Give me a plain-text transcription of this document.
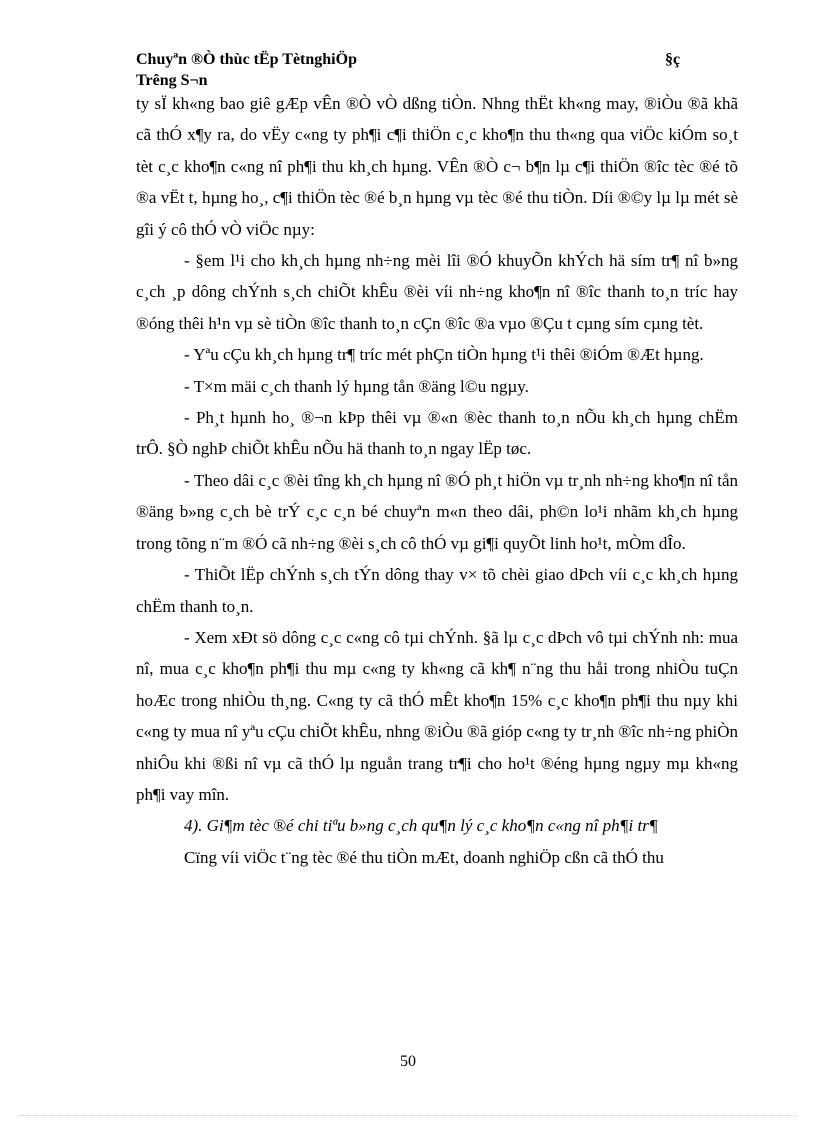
Chuyªn ®Ò thùc tËp TètnghiÖp	§ç
Trêng S¬n

ty sÏ kh«ng bao giê gÆp vÊn ®Ò vÒ dßng tiÒn. Nhng thËt kh«ng may, ®iÒu ®ã khã cã thÓ x¶y ra, do vËy c«ng ty ph¶i c¶i thiÖn c¸c kho¶n thu th«ng qua viÖc kiÓm so¸t tèt c¸c kho¶n c«ng nî ph¶i thu kh¸ch hµng. VÊn ®Ò c¬ b¶n lµ c¶i thiÖn ®îc tèc ®é tõ ®a vËt t, hµng ho¸, c¶i thiÖn tèc ®é b¸n hµng vµ tèc ®é thu tiÒn. Díi ®©y lµ lµ mét sè gîi ý cô thÓ vÒ viÖc nµy:

- §em l¹i cho kh¸ch hµng nh÷ng mèi lîi ®Ó khuyÕn khÝch hä sím tr¶ nî b»ng c¸ch ¸p dông chÝnh s¸ch chiÕt khÊu ®èi víi nh÷ng kho¶n nî ®îc thanh to¸n tríc hay ®óng thêi h¹n vµ sè tiÒn ®îc thanh to¸n cÇn ®îc ®a vµo ®Çu t cµng sím cµng tèt.

- Yªu cÇu kh¸ch hµng tr¶ tríc mét phÇn tiÒn hµng t¹i thêi ®iÓm ®Æt hµng.

- T×m mäi c¸ch thanh lý hµng tån ®äng l©u ngµy.

- Ph¸t hµnh ho¸ ®¬n kÞp thêi vµ ®«n ®èc thanh to¸n nÕu kh¸ch hµng chËm trÔ. §Ò nghÞ chiÕt khÊu nÕu hä thanh to¸n ngay lËp tøc.

- Theo dâi c¸c ®èi tîng kh¸ch hµng nî ®Ó ph¸t hiÖn vµ tr¸nh nh÷ng kho¶n nî tån ®äng b»ng c¸ch bè trÝ c¸c c¸n bé chuyªn m«n theo dâi, ph©n lo¹i nhãm kh¸ch hµng trong tõng n¨m ®Ó cã nh÷ng ®èi s¸ch cô thÓ vµ gi¶i quyÕt linh ho¹t, mÒm dÎo.

- ThiÕt lËp chÝnh s¸ch tÝn dông thay v× tõ chèi giao dÞch víi c¸c kh¸ch hµng chËm thanh to¸n.

- Xem xÐt sö dông c¸c c«ng cô tµi chÝnh. §ã lµ c¸c dÞch vô tµi chÝnh nh: mua nî, mua c¸c kho¶n ph¶i thu mµ c«ng ty kh«ng cã kh¶ n¨ng thu håi trong nhiÒu tuÇn hoÆc trong nhiÒu th¸ng. C«ng ty cã thÓ mÊt kho¶n 15% c¸c kho¶n ph¶i thu nµy khi c«ng ty mua nî yªu cÇu chiÕt khÊu, nhng ®iÒu ®ã gióp c«ng ty tr¸nh ®îc nh÷ng phiÒn nhiÔu khi ®ßi nî vµ cã thÓ lµ nguån trang tr¶i cho ho¹t ®éng hµng ngµy mµ kh«ng ph¶i vay mîn.

4). Gi¶m tèc ®é chi tiªu b»ng c¸ch qu¶n lý c¸c kho¶n c«ng nî ph¶i tr¶

Cïng víi viÖc t¨ng tèc ®é thu tiÒn mÆt, doanh nghiÖp cßn cã thÓ thu

50
